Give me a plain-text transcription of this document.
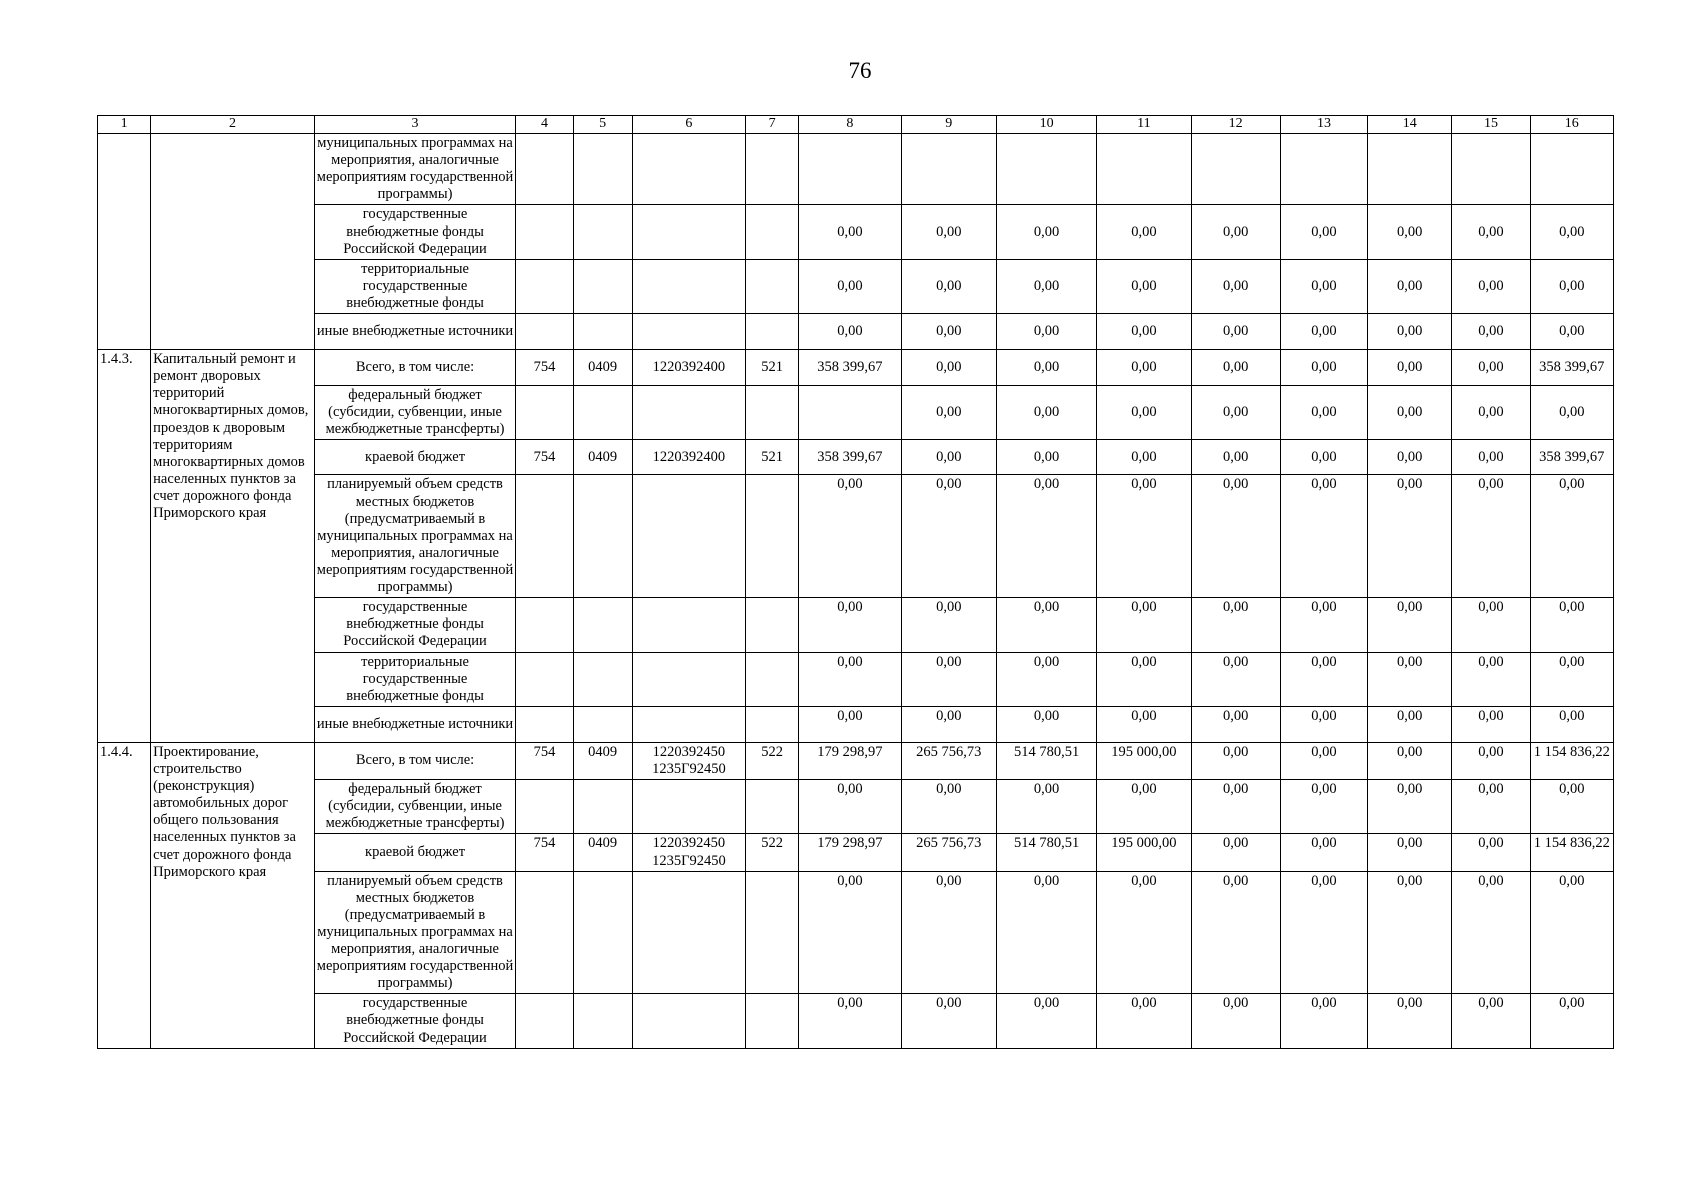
76
1	2	3	4	5	6	7	8	9	10	11	12	13	14	15	16
		муниципальных программах на мероприятия, аналогичные мероприятиям государственной программы)													
		государственные внебюджетные фонды Российской Федерации					0,00	0,00	0,00	0,00	0,00	0,00	0,00	0,00	0,00
		территориальные государственные внебюджетные фонды					0,00	0,00	0,00	0,00	0,00	0,00	0,00	0,00	0,00
		иные внебюджетные источники					0,00	0,00	0,00	0,00	0,00	0,00	0,00	0,00	0,00
1.4.3.	Капитальный ремонт и ремонт дворовых территорий многоквартирных домов, проездов к дворовым территориям многоквартирных домов населенных пунктов за счет дорожного фонда Приморского края	Всего, в том числе:	754	0409	1220392400	521	358 399,67	0,00	0,00	0,00	0,00	0,00	0,00	0,00	358 399,67
		федеральный бюджет (субсидии, субвенции, иные межбюджетные трансферты)						0,00	0,00	0,00	0,00	0,00	0,00	0,00	0,00
		краевой бюджет	754	0409	1220392400	521	358 399,67	0,00	0,00	0,00	0,00	0,00	0,00	0,00	358 399,67
		планируемый объем средств местных бюджетов (предусматриваемый в муниципальных программах на мероприятия, аналогичные мероприятиям государственной программы)					0,00	0,00	0,00	0,00	0,00	0,00	0,00	0,00	0,00
		государственные внебюджетные фонды Российской Федерации					0,00	0,00	0,00	0,00	0,00	0,00	0,00	0,00	0,00
		территориальные государственные внебюджетные фонды					0,00	0,00	0,00	0,00	0,00	0,00	0,00	0,00	0,00
		иные внебюджетные источники					0,00	0,00	0,00	0,00	0,00	0,00	0,00	0,00	0,00
1.4.4.	Проектирование, строительство (реконструкция) автомобильных дорог общего пользования населенных пунктов за счет дорожного фонда Приморского края	Всего, в том числе:	754	0409	1220392450 1235Г92450	522	179 298,97	265 756,73	514 780,51	195 000,00	0,00	0,00	0,00	0,00	1 154 836,22
		федеральный бюджет (субсидии, субвенции, иные межбюджетные трансферты)					0,00	0,00	0,00	0,00	0,00	0,00	0,00	0,00	0,00
		краевой бюджет	754	0409	1220392450 1235Г92450	522	179 298,97	265 756,73	514 780,51	195 000,00	0,00	0,00	0,00	0,00	1 154 836,22
		планируемый объем средств местных бюджетов (предусматриваемый в муниципальных программах на мероприятия, аналогичные мероприятиям государственной программы)					0,00	0,00	0,00	0,00	0,00	0,00	0,00	0,00	0,00
		государственные внебюджетные фонды Российской Федерации					0,00	0,00	0,00	0,00	0,00	0,00	0,00	0,00	0,00
